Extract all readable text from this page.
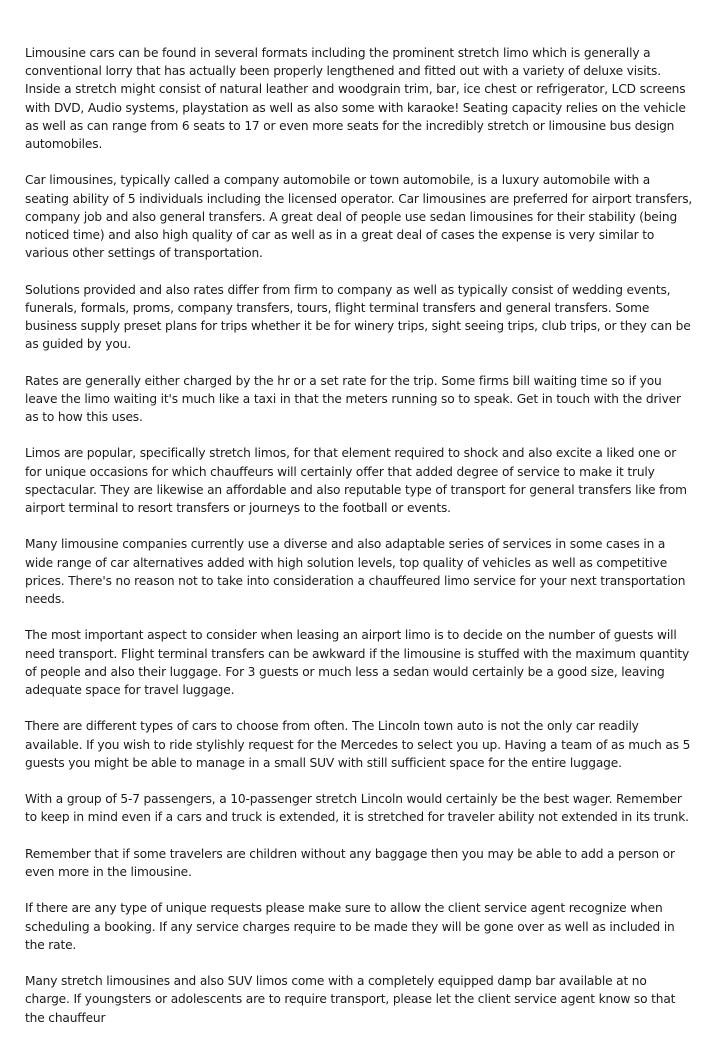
Limousine cars can be found in several formats including the prominent stretch limo which is generally a conventional lorry that has actually been properly lengthened and fitted out with a variety of deluxe visits. Inside a stretch might consist of natural leather and woodgrain trim, bar, ice chest or refrigerator, LCD screens with DVD, Audio systems, playstation as well as also some with karaoke! Seating capacity relies on the vehicle as well as can range from 6 seats to 17 or even more seats for the incredibly stretch or limousine bus design automobiles.

Car limousines, typically called a company automobile or town automobile, is a luxury automobile with a seating ability of 5 individuals including the licensed operator. Car limousines are preferred for airport transfers, company job and also general transfers. A great deal of people use sedan limousines for their stability (being noticed time) and also high quality of car as well as in a great deal of cases the expense is very similar to various other settings of transportation.

Solutions provided and also rates differ from firm to company as well as typically consist of wedding events, funerals, formals, proms, company transfers, tours, flight terminal transfers and general transfers. Some business supply preset plans for trips whether it be for winery trips, sight seeing trips, club trips, or they can be as guided by you.

Rates are generally either charged by the hr or a set rate for the trip. Some firms bill waiting time so if you leave the limo waiting it's much like a taxi in that the meters running so to speak. Get in touch with the driver as to how this uses.

Limos are popular, specifically stretch limos, for that element required to shock and also excite a liked one or for unique occasions for which chauffeurs will certainly offer that added degree of service to make it truly spectacular. They are likewise an affordable and also reputable type of transport for general transfers like from airport terminal to resort transfers or journeys to the football or events.

Many limousine companies currently use a diverse and also adaptable series of services in some cases in a wide range of car alternatives added with high solution levels, top quality of vehicles as well as competitive prices. There's no reason not to take into consideration a chauffeured limo service for your next transportation needs.

The most important aspect to consider when leasing an airport limo is to decide on the number of guests will need transport. Flight terminal transfers can be awkward if the limousine is stuffed with the maximum quantity of people and also their luggage. For 3 guests or much less a sedan would certainly be a good size, leaving adequate space for travel luggage.

There are different types of cars to choose from often. The Lincoln town auto is not the only car readily available. If you wish to ride stylishly request for the Mercedes to select you up. Having a team of as much as 5 guests you might be able to manage in a small SUV with still sufficient space for the entire luggage.

With a group of 5-7 passengers, a 10-passenger stretch Lincoln would certainly be the best wager. Remember to keep in mind even if a cars and truck is extended, it is stretched for traveler ability not extended in its trunk.

Remember that if some travelers are children without any baggage then you may be able to add a person or even more in the limousine.

If there are any type of unique requests please make sure to allow the client service agent recognize when scheduling a booking. If any service charges require to be made they will be gone over as well as included in the rate.

Many stretch limousines and also SUV limos come with a completely equipped damp bar available at no charge. If youngsters or adolescents are to require transport, please let the client service agent know so that the chauffeur
